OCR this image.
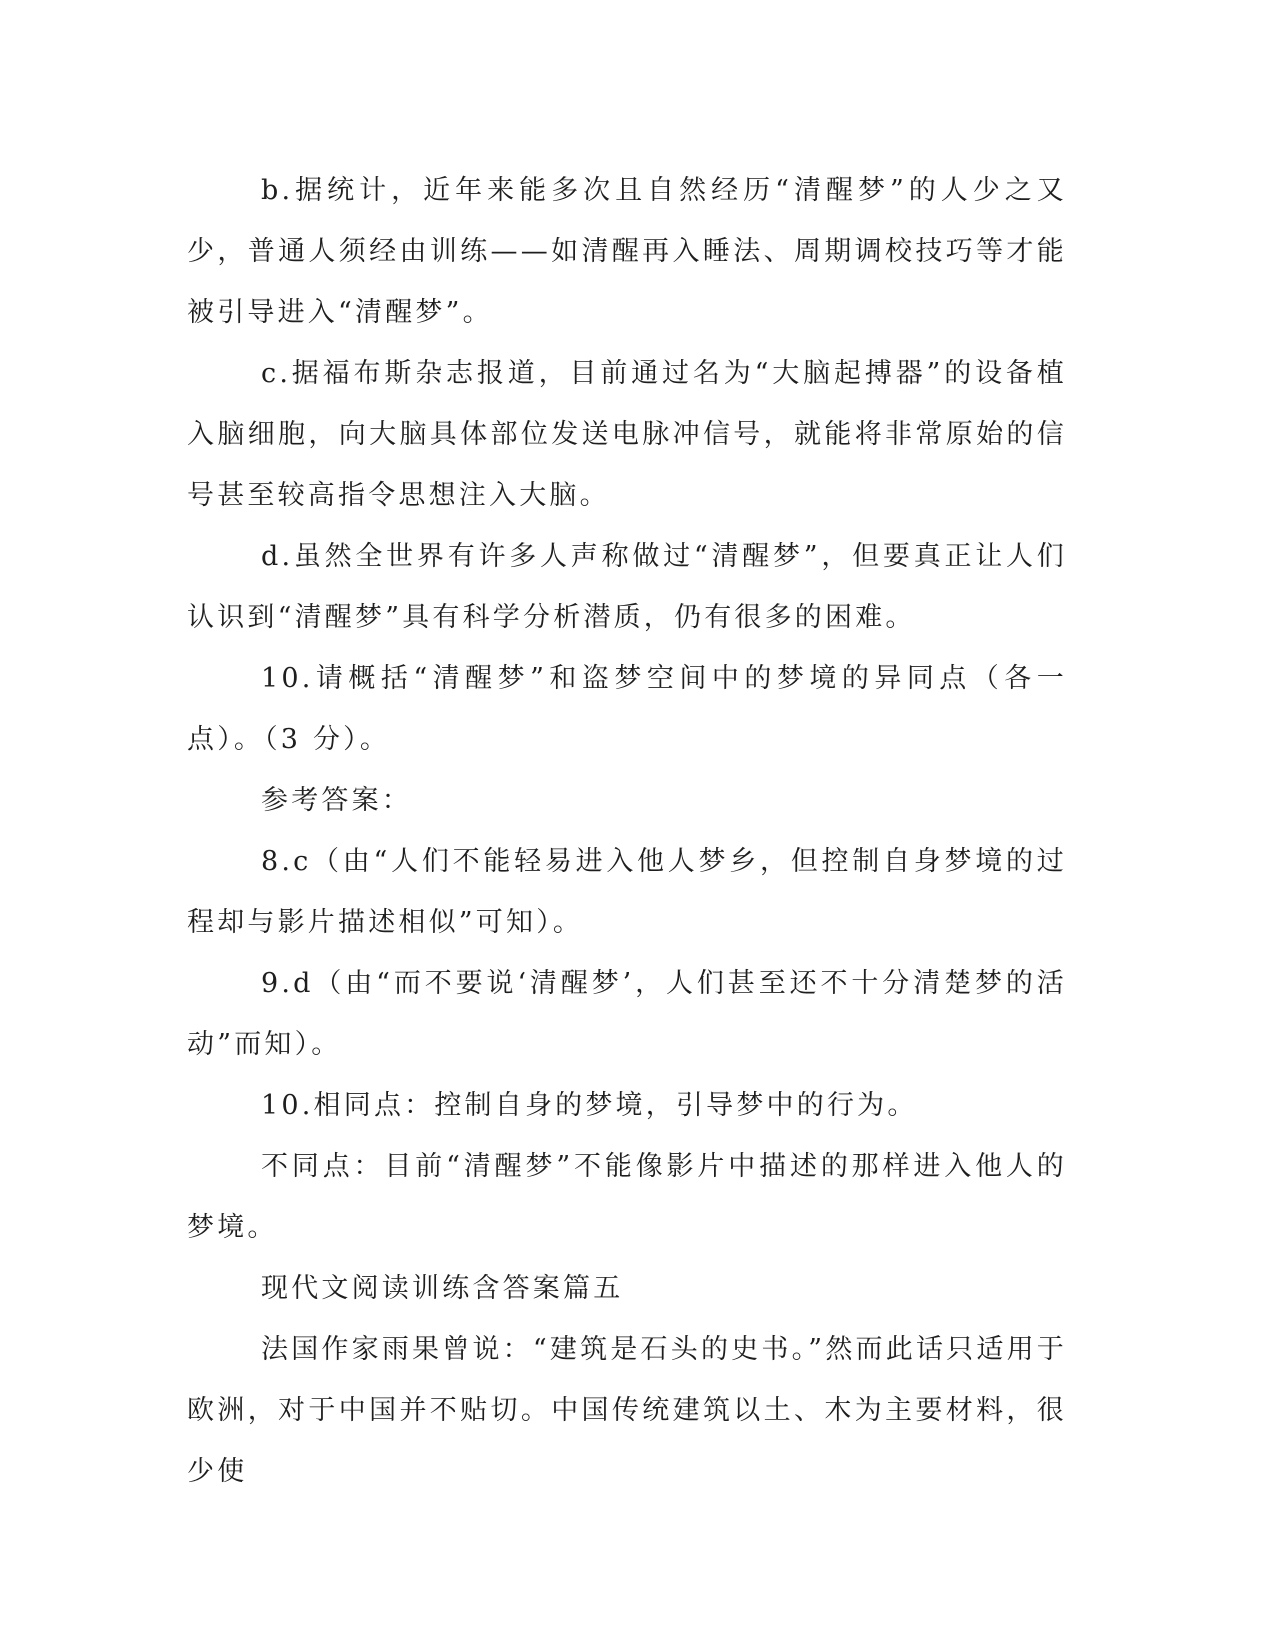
b.据统计，近年来能多次且自然经历“清醒梦”的人少之又少，普通人须经由训练——如清醒再入睡法、周期调校技巧等才能被引导进入“清醒梦”。

c.据福布斯杂志报道，目前通过名为“大脑起搏器”的设备植入脑细胞，向大脑具体部位发送电脉冲信号，就能将非常原始的信号甚至较高指令思想注入大脑。

d.虽然全世界有许多人声称做过“清醒梦”，但要真正让人们认识到“清醒梦”具有科学分析潜质，仍有很多的困难。

10.请概括“清醒梦”和盗梦空间中的梦境的异同点（各一点）。（3 分）。

参考答案：

8.c（由“人们不能轻易进入他人梦乡，但控制自身梦境的过程却与影片描述相似”可知）。

9.d（由“而不要说‘清醒梦’，人们甚至还不十分清楚梦的活动”而知）。

10.相同点：控制自身的梦境，引导梦中的行为。

不同点：目前“清醒梦”不能像影片中描述的那样进入他人的梦境。

现代文阅读训练含答案篇五

法国作家雨果曾说：“建筑是石头的史书。”然而此话只适用于欧洲，对于中国并不贴切。中国传统建筑以土、木为主要材料，很少使
